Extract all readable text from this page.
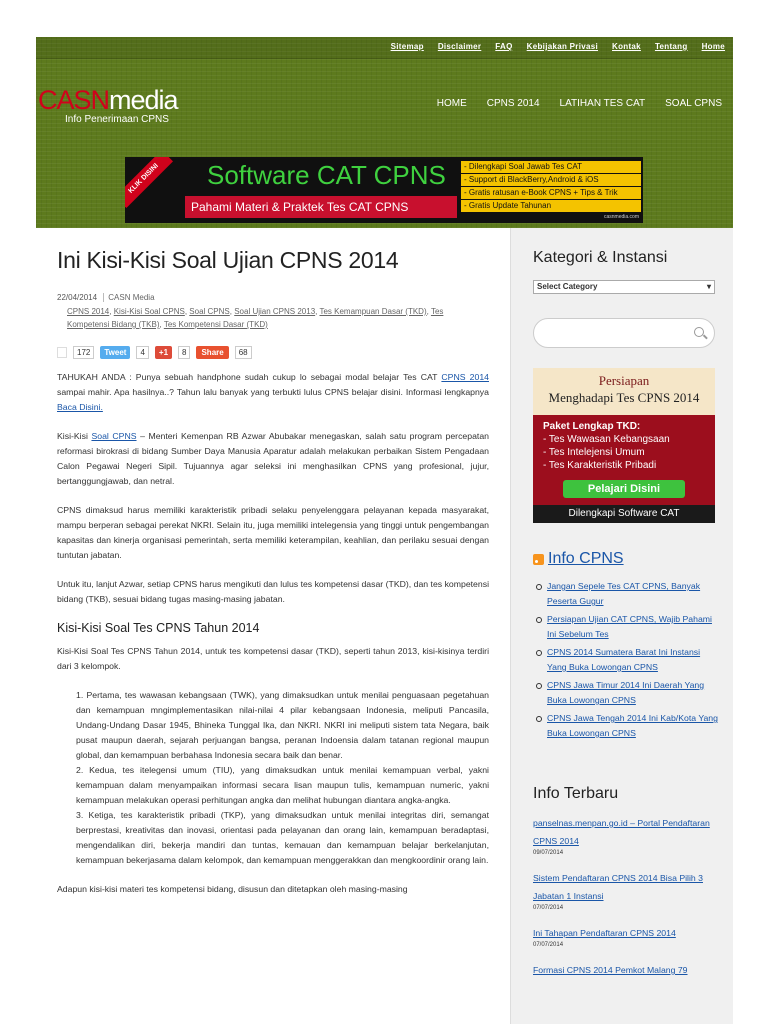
Sitemap Disclaimer FAQ Kebijakan Privasi Kontak Tentang Home
CASNmedia
Info Penerimaan CPNS
HOME CPNS 2014 LATIHAN TES CAT SOAL CPNS
KLIK DISINI	Software CAT CPNS
Pahami Materi & Praktek Tes CAT CPNS
- Dilengkapi Soal Jawab Tes CAT
- Support di BlackBerry,Android & iOS
- Gratis ratusan e-Book CPNS + Tips & Trik
- Gratis Update Tahunan
casnmedia.com
Ini Kisi-Kisi Soal Ujian CPNS 2014
22/04/2014 CASN Media
CPNS 2014, Kisi-Kisi Soal CPNS, Soal CPNS, Soal Ujian CPNS 2013, Tes Kemampuan Dasar (TKD), Tes Kompetensi Bidang (TKB), Tes Kompetensi Dasar (TKD)
172	Tweet	4	+1	8	Share	68

TAHUKAH ANDA : Punya sebuah handphone sudah cukup lo sebagai modal belajar Tes CAT CPNS 2014 sampai mahir. Apa hasilnya..? Tahun lalu banyak yang terbukti lulus CPNS belajar disini. Informasi lengkapnya Baca Disini.

Kisi-Kisi Soal CPNS – Menteri Kemenpan RB Azwar Abubakar menegaskan, salah satu program percepatan reformasi birokrasi di bidang Sumber Daya Manusia Aparatur adalah melakukan perbaikan Sistem Pengadaan Calon Pegawai Negeri Sipil. Tujuannya agar seleksi ini menghasilkan CPNS yang profesional, jujur, bertanggungjawab, dan netral.

CPNS dimaksud harus memiliki karakteristik pribadi selaku penyelenggara pelayanan kepada masyarakat, mampu berperan sebagai perekat NKRI. Selain itu, juga memiliki intelegensia yang tinggi untuk pengembangan kapasitas dan kinerja organisasi pemerintah, serta memiliki keterampilan, keahlian, dan perilaku sesuai dengan tuntutan jabatan.

Untuk itu, lanjut Azwar, setiap CPNS harus mengikuti dan lulus tes kompetensi dasar (TKD), dan tes kompetensi bidang (TKB), sesuai bidang tugas masing-masing jabatan.

Kisi-Kisi Soal Tes CPNS Tahun 2014

Kisi-Kisi Soal Tes CPNS Tahun 2014, untuk tes kompetensi dasar (TKD), seperti tahun 2013, kisi-kisinya terdiri dari 3 kelompok.

1. Pertama, tes wawasan kebangsaan (TWK), yang dimaksudkan untuk menilai penguasaan pegetahuan dan kemampuan mngimplementasikan nilai-nilai 4 pilar kebangsaan Indonesia, meliputi Pancasila, Undang-Undang Dasar 1945, Bhineka Tunggal Ika, dan NKRI. NKRI ini meliputi sistem tata Negara, baik pusat maupun daerah, sejarah perjuangan bangsa, peranan Indoensia dalam tatanan regional maupun global, dan kemampuan berbahasa Indonesia secara baik dan benar.
2. Kedua, tes itelegensi umum (TIU), yang dimaksudkan untuk menilai kemampuan verbal, yakni kemampuan dalam menyampaikan informasi secara lisan maupun tulis, kemampuan numeric, yakni kemampuan melakukan operasi perhitungan angka dan melihat hubungan diantara angka-angka.
3. Ketiga, tes karakteristik pribadi (TKP), yang dimaksudkan untuk menilai integritas diri, semangat berprestasi, kreativitas dan inovasi, orientasi pada pelayanan dan orang lain, kemampuan beradaptasi, mengendalikan diri, bekerja mandiri dan tuntas, kemauan dan kemampuan belajar berkelanjutan, kemampuan bekerjasama dalam kelompok, dan kemampuan menggerakkan dan mengkoordinir orang lain.

Adapun kisi-kisi materi tes kompetensi bidang, disusun dan ditetapkan oleh masing-masing

Kategori & Instansi
Select Category	▾
Persiapan
Menghadapi Tes CPNS 2014
Paket Lengkap TKD:
- Tes Wawasan Kebangsaan
- Tes Intelejensi Umum
- Tes Karakteristik Pribadi
Pelajari Disini
Dilengkapi Software CAT
Info CPNS
Jangan Sepele Tes CAT CPNS, Banyak Peserta Gugur
Persiapan Ujian CAT CPNS, Wajib Pahami Ini Sebelum Tes
CPNS 2014 Sumatera Barat Ini Instansi Yang Buka Lowongan CPNS
CPNS Jawa Timur 2014 Ini Daerah Yang Buka Lowongan CPNS
CPNS Jawa Tengah 2014 Ini Kab/Kota Yang Buka Lowongan CPNS
Info Terbaru
panselnas.menpan.go.id – Portal Pendaftaran CPNS 2014
09/07/2014
Sistem Pendaftaran CPNS 2014 Bisa Pilih 3 Jabatan 1 Instansi
07/07/2014
Ini Tahapan Pendaftaran CPNS 2014
07/07/2014
Formasi CPNS 2014 Pemkot Malang 79
